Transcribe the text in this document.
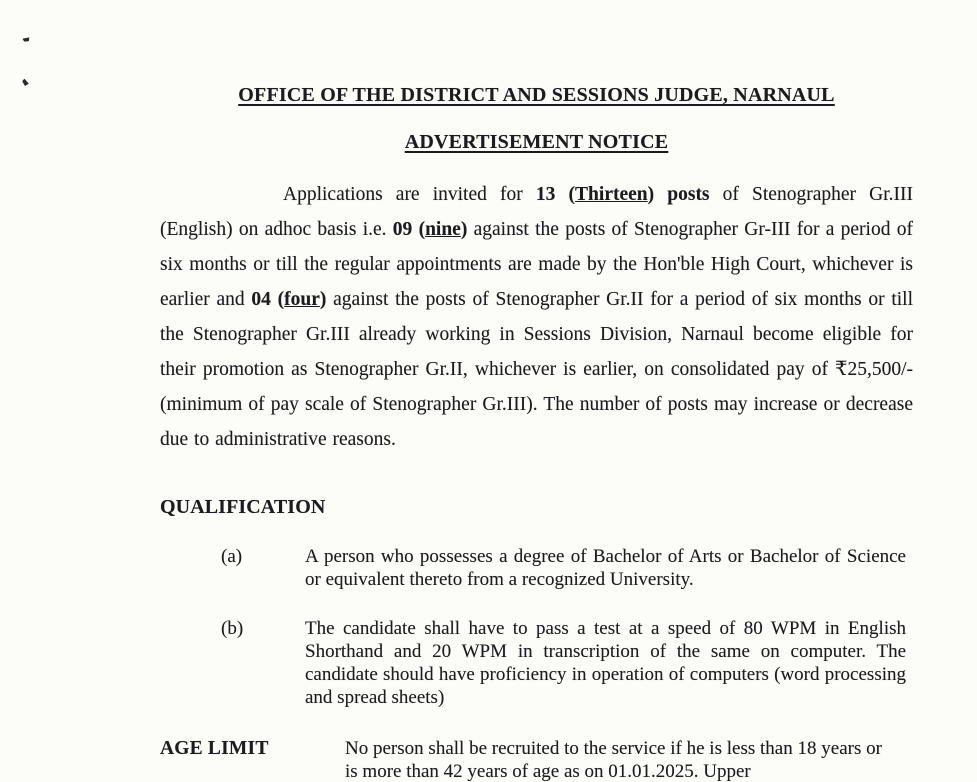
OFFICE OF THE DISTRICT AND SESSIONS JUDGE, NARNAUL
ADVERTISEMENT NOTICE
Applications are invited for 13 (Thirteen) posts of Stenographer Gr.III (English) on adhoc basis i.e. 09 (nine) against the posts of Stenographer Gr-III for a period of six months or till the regular appointments are made by the Hon'ble High Court, whichever is earlier and 04 (four) against the posts of Stenographer Gr.II for a period of six months or till the Stenographer Gr.III already working in Sessions Division, Narnaul become eligible for their promotion as Stenographer Gr.II, whichever is earlier, on consolidated pay of ₹25,500/- (minimum of pay scale of Stenographer Gr.III). The number of posts may increase or decrease due to administrative reasons.
QUALIFICATION
(a)	A person who possesses a degree of Bachelor of Arts or Bachelor of Science or equivalent thereto from a recognized University.
(b)	The candidate shall have to pass a test at a speed of 80 WPM in English Shorthand and 20 WPM in transcription of the same on computer. The candidate should have proficiency in operation of computers (word processing and spread sheets)
AGE LIMIT	No person shall be recruited to the service if he is less than 18 years or is more than 42 years of age as on 01.01.2025. Upper
